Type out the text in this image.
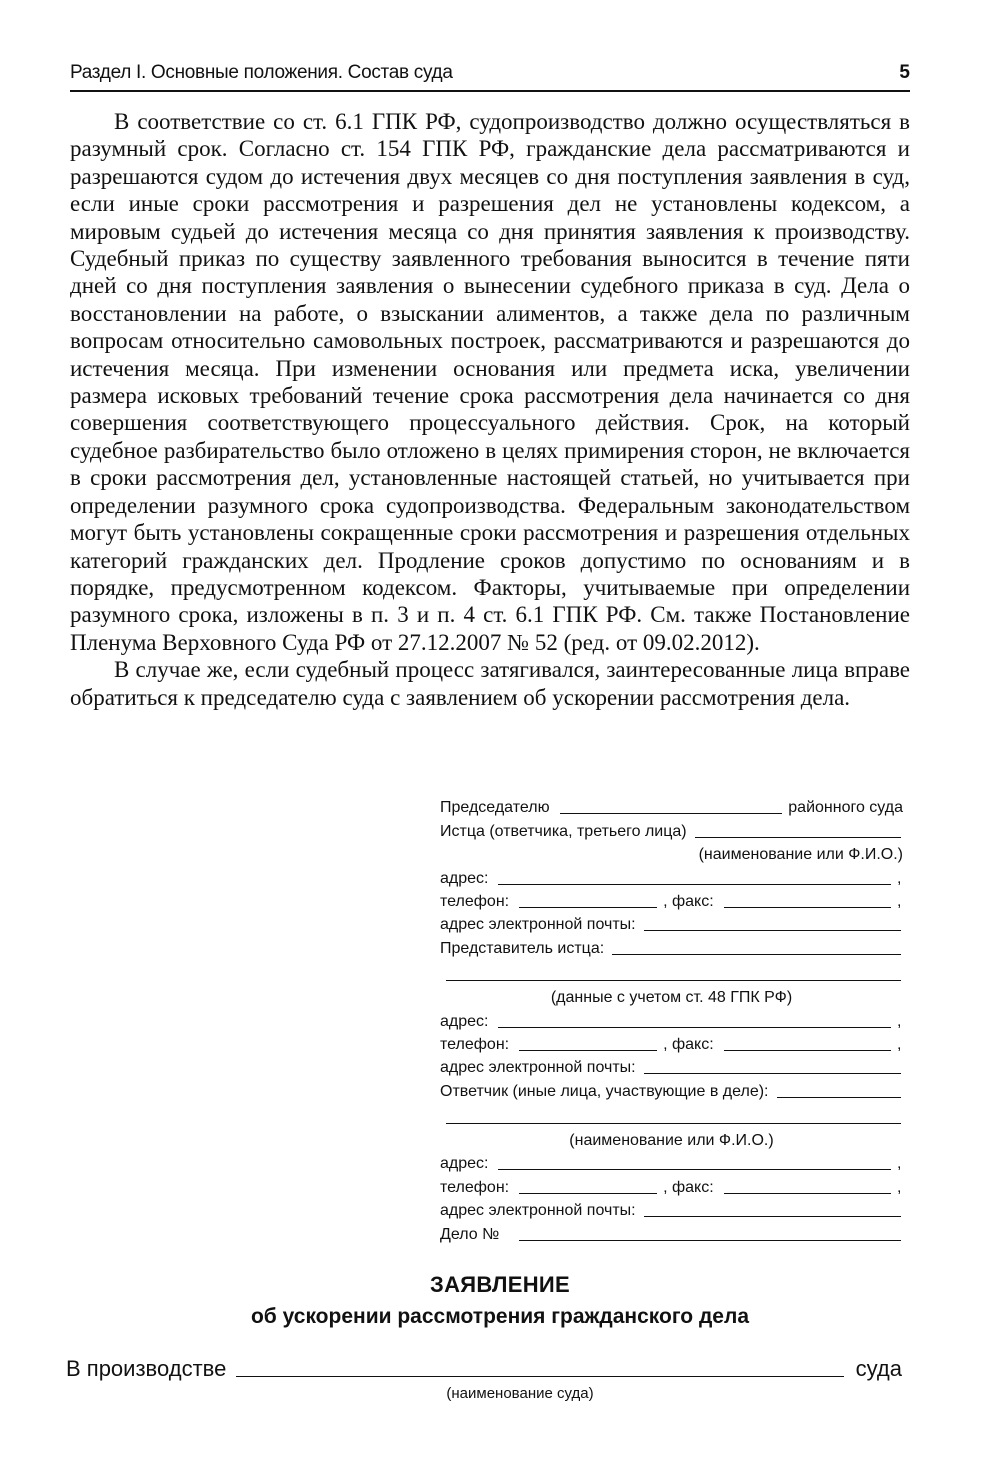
Раздел I. Основные положения. Состав суда	5

В соответствие со ст. 6.1 ГПК РФ, судопроизводство должно осуществляться в разумный срок. Согласно ст. 154 ГПК РФ, гражданские дела рассматриваются и разрешаются судом до истечения двух месяцев со дня поступления заявления в суд, если иные сроки рассмотрения и разрешения дел не установлены кодексом, а мировым судьей до истечения месяца со дня принятия заявления к производству. Судебный приказ по существу заявленного требования выносится в течение пяти дней со дня поступления заявления о вынесении судебного приказа в суд. Дела о восстановлении на работе, о взыскании алиментов, а также дела по различным вопросам относительно самовольных построек, рассматриваются и разрешаются до истечения месяца. При изменении основания или предмета иска, увеличении размера исковых требований течение срока рассмотрения дела начинается со дня совершения соответствующего процессуального действия. Срок, на который судебное разбирательство было отложено в целях примирения сторон, не включается в сроки рассмотрения дел, установленные настоящей статьей, но учитывается при определении разумного срока судопроизводства. Федеральным законодательством могут быть установлены сокращенные сроки рассмотрения и разрешения отдельных категорий гражданских дел. Продление сроков допустимо по основаниям и в порядке, предусмотренном кодексом. Факторы, учитываемые при определении разумного срока, изложены в п. 3 и п. 4 ст. 6.1 ГПК РФ. См. также Постановление Пленума Верховного Суда РФ от 27.12.2007 № 52 (ред. от 09.02.2012).

В случае же, если судебный процесс затягивался, заинтересованные лица вправе обратиться к председателю суда с заявлением об ускорении рассмотрения дела.

Председателю	районного суда
Истца (ответчика, третьего лица)
(наименование или Ф.И.О.)
адрес:	,
телефон:	, факс:	,
адрес электронной почты:
Представитель истца:
(данные с учетом ст. 48 ГПК РФ)
адрес:	,
телефон:	, факс:	,
адрес электронной почты:
Ответчик (иные лица, участвующие в деле):
(наименование или Ф.И.О.)
адрес:	,
телефон:	, факс:	,
адрес электронной почты:
Дело №
ЗАЯВЛЕНИЕ
об ускорении рассмотрения гражданского дела
В производстве	суда
(наименование суда)
